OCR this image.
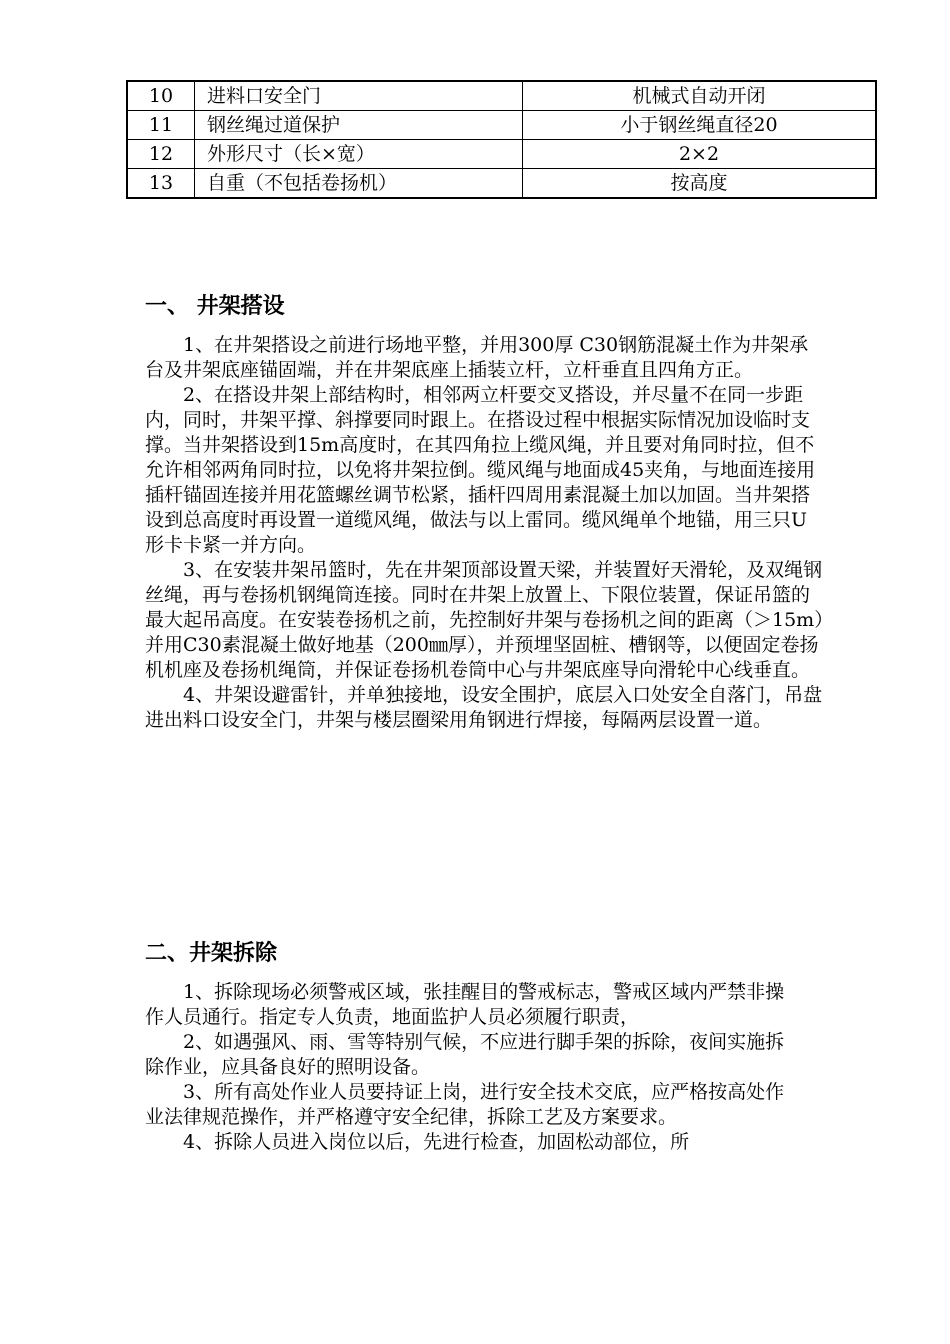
10	进料口安全门	机械式自动开闭
11	钢丝绳过道保护	小于钢丝绳直径20
12	外形尺寸（长×宽）	2×2
13	自重（不包括卷扬机）	按高度
一、 井架搭设

1、在井架搭设之前进行场地平整，并用300厚 C30钢筋混凝土作为井架承台及井架底座锚固端，并在井架底座上插装立杆，立杆垂直且四角方正。

2、在搭设井架上部结构时，相邻两立杆要交叉搭设，并尽量不在同一步距内，同时，井架平撑、斜撑要同时跟上。在搭设过程中根据实际情况加设临时支撑。当井架搭设到15m高度时，在其四角拉上缆风绳，并且要对角同时拉，但不允许相邻两角同时拉，以免将井架拉倒。缆风绳与地面成45夹角，与地面连接用插杆锚固连接并用花篮螺丝调节松紧，插杆四周用素混凝土加以加固。当井架搭设到总高度时再设置一道缆风绳，做法与以上雷同。缆风绳单个地锚，用三只U形卡卡紧一并方向。

3、在安装井架吊篮时，先在井架顶部设置天梁，并装置好天滑轮，及双绳钢丝绳，再与卷扬机钢绳筒连接。同时在井架上放置上、下限位装置，保证吊篮的最大起吊高度。在安装卷扬机之前，先控制好井架与卷扬机之间的距离（＞15m）并用C30素混凝土做好地基（200㎜厚），并预埋坚固桩、槽钢等，以便固定卷扬机机座及卷扬机绳筒，并保证卷扬机卷筒中心与井架底座导向滑轮中心线垂直。

4、井架设避雷针，并单独接地，设安全围护，底层入口处安全自落门，吊盘进出料口设安全门，井架与楼层圈梁用角钢进行焊接，每隔两层设置一道。

二、井架拆除

1、拆除现场必须警戒区域，张挂醒目的警戒标志，警戒区域内严禁非操作人员通行。指定专人负责，地面监护人员必须履行职责，

2、如遇强风、雨、雪等特别气候，不应进行脚手架的拆除，夜间实施拆除作业，应具备良好的照明设备。

3、所有高处作业人员要持证上岗，进行安全技术交底，应严格按高处作业法律规范操作，并严格遵守安全纪律，拆除工艺及方案要求。

4、拆除人员进入岗位以后，先进行检查，加固松动部位，所
